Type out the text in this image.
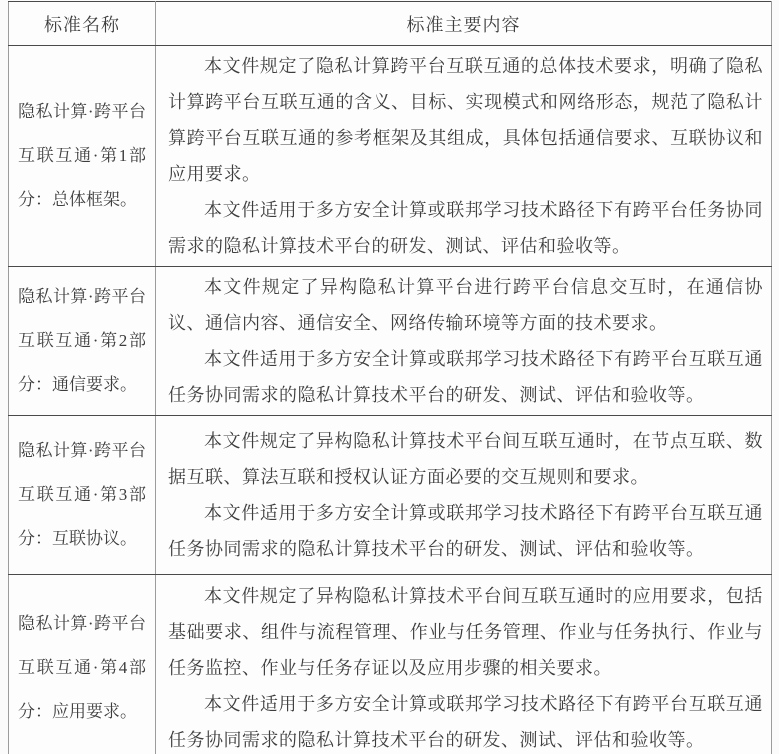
标准名称	标准主要内容
隐私计算·跨平台互联互通·第1部分：总体框架。	本文件规定了隐私计算跨平台互联互通的总体技术要求，明确了隐私计算跨平台互联互通的含义、目标、实现模式和网络形态，规范了隐私计算跨平台互联互通的参考框架及其组成，具体包括通信要求、互联协议和应用要求。

本文件适用于多方安全计算或联邦学习技术路径下有跨平台任务协同需求的隐私计算技术平台的研发、测试、评估和验收等。

隐私计算·跨平台互联互通·第2部分：通信要求。	本文件规定了异构隐私计算平台进行跨平台信息交互时，在通信协议、通信内容、通信安全、网络传输环境等方面的技术要求。

本文件适用于多方安全计算或联邦学习技术路径下有跨平台互联互通任务协同需求的隐私计算技术平台的研发、测试、评估和验收等。

隐私计算·跨平台互联互通·第3部分：互联协议。	本文件规定了异构隐私计算技术平台间互联互通时，在节点互联、数据互联、算法互联和授权认证方面必要的交互规则和要求。

本文件适用于多方安全计算或联邦学习技术路径下有跨平台互联互通任务协同需求的隐私计算技术平台的研发、测试、评估和验收等。

隐私计算·跨平台互联互通·第4部分：应用要求。	本文件规定了异构隐私计算技术平台间互联互通时的应用要求，包括基础要求、组件与流程管理、作业与任务管理、作业与任务执行、作业与任务监控、作业与任务存证以及应用步骤的相关要求。

本文件适用于多方安全计算或联邦学习技术路径下有跨平台互联互通任务协同需求的隐私计算技术平台的研发、测试、评估和验收等。
